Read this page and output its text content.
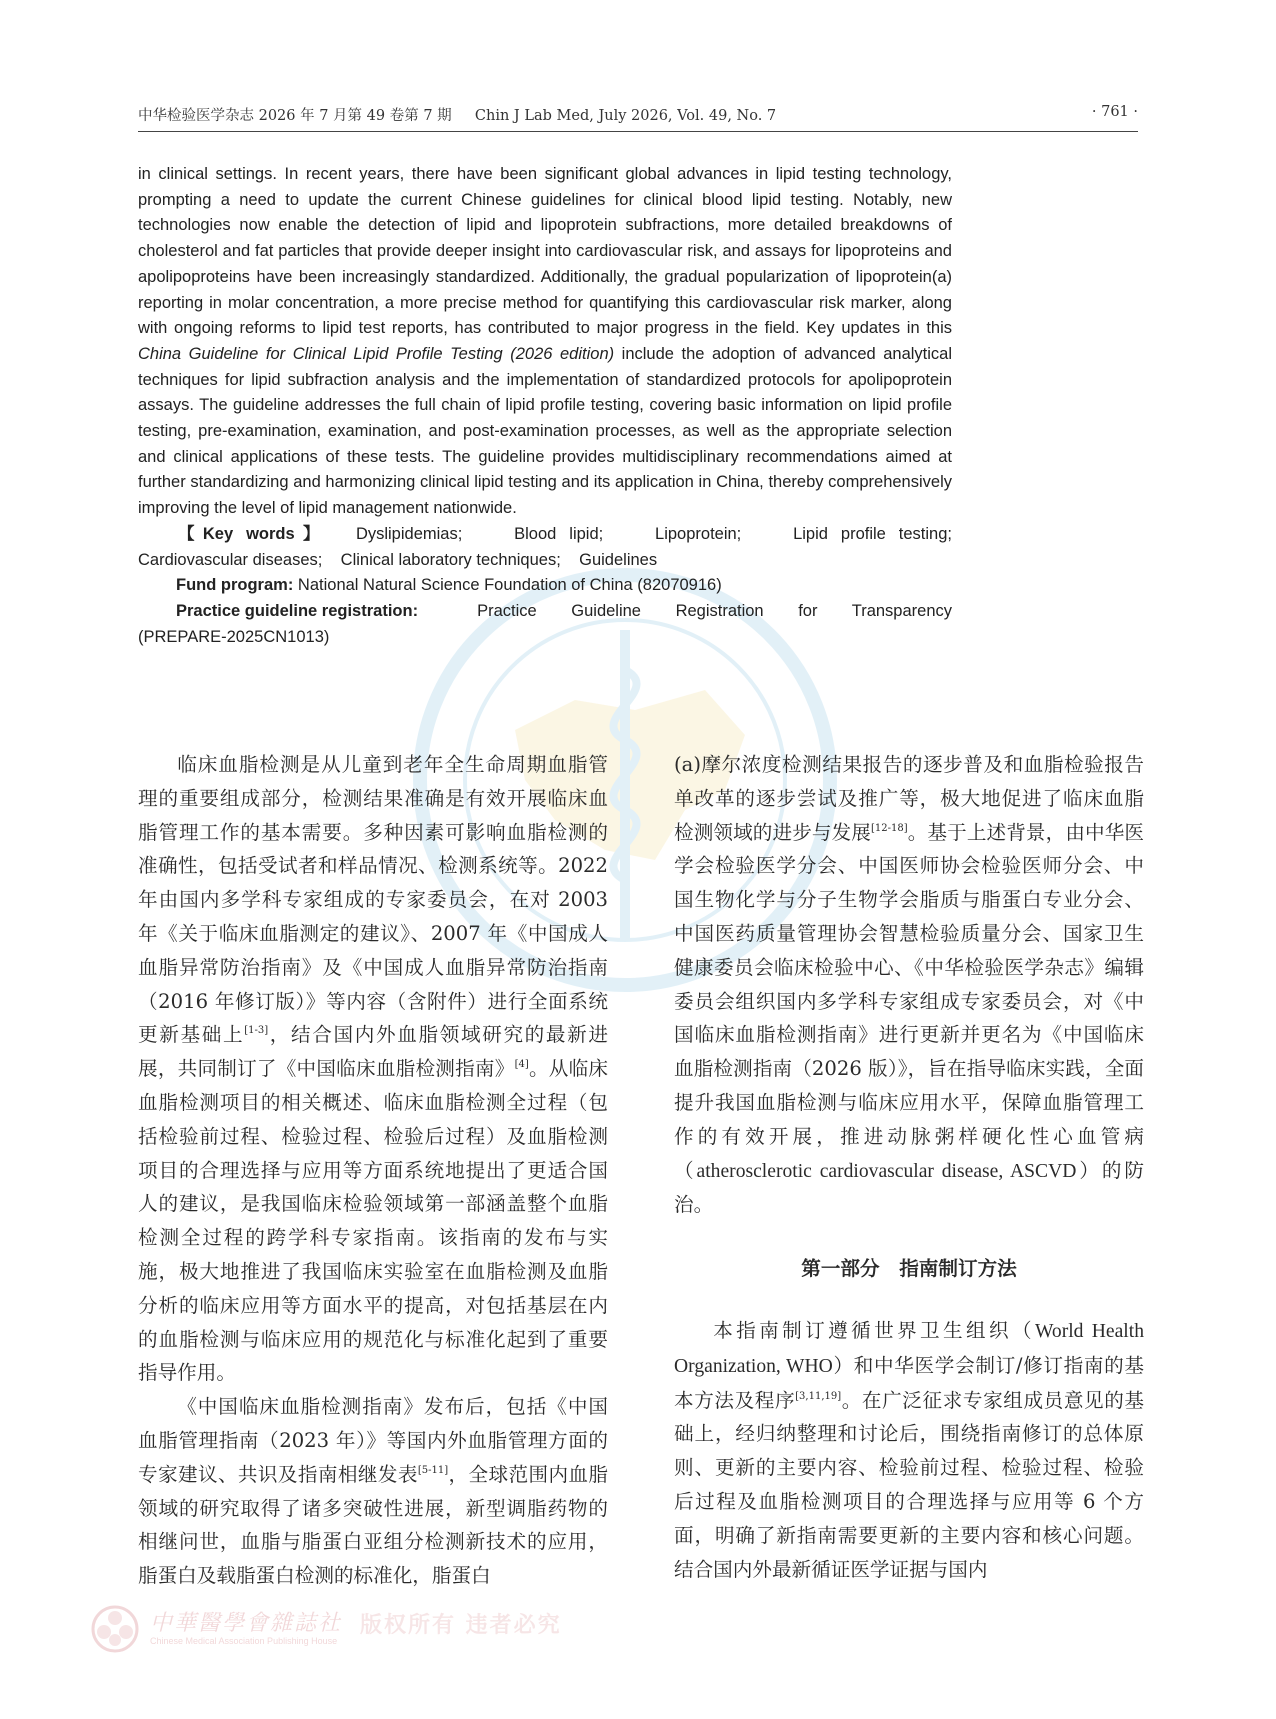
中华检验医学杂志 2026 年 7 月第 49 卷第 7 期 Chin J Lab Med, July 2026, Vol. 49, No. 7	· 761 ·

in clinical settings. In recent years, there have been significant global advances in lipid testing technology, prompting a need to update the current Chinese guidelines for clinical blood lipid testing. Notably, new technologies now enable the detection of lipid and lipoprotein subfractions, more detailed breakdowns of cholesterol and fat particles that provide deeper insight into cardiovascular risk, and assays for lipoproteins and apolipoproteins have been increasingly standardized. Additionally, the gradual popularization of lipoprotein(a) reporting in molar concentration, a more precise method for quantifying this cardiovascular risk marker, along with ongoing reforms to lipid test reports, has contributed to major progress in the field. Key updates in this China Guideline for Clinical Lipid Profile Testing (2026 edition) include the adoption of advanced analytical techniques for lipid subfraction analysis and the implementation of standardized protocols for apolipoprotein assays. The guideline addresses the full chain of lipid profile testing, covering basic information on lipid profile testing, pre-examination, examination, and post-examination processes, as well as the appropriate selection and clinical applications of these tests. The guideline provides multidisciplinary recommendations aimed at further standardizing and harmonizing clinical lipid testing and its application in China, thereby comprehensively improving the level of lipid management nationwide.

【Key words】 Dyslipidemias;    Blood lipid;    Lipoprotein;    Lipid profile testing;

Cardiovascular diseases;    Clinical laboratory techniques;    Guidelines

Fund program: National Natural Science Foundation of China (82070916)

Practice guideline registration:	Practice Guideline Registration for Transparency

(PREPARE-2025CN1013)

临床血脂检测是从儿童到老年全生命周期血脂管理的重要组成部分，检测结果准确是有效开展临床血脂管理工作的基本需要。多种因素可影响血脂检测的准确性，包括受试者和样品情况、检测系统等。2022 年由国内多学科专家组成的专家委员会，在对 2003 年《关于临床血脂测定的建议》、2007 年《中国成人血脂异常防治指南》及《中国成人血脂异常防治指南（2016 年修订版）》等内容（含附件）进行全面系统更新基础上[1-3]，结合国内外血脂领域研究的最新进展，共同制订了《中国临床血脂检测指南》[4]。从临床血脂检测项目的相关概述、临床血脂检测全过程（包括检验前过程、检验过程、检验后过程）及血脂检测项目的合理选择与应用等方面系统地提出了更适合国人的建议，是我国临床检验领域第一部涵盖整个血脂检测全过程的跨学科专家指南。该指南的发布与实施，极大地推进了我国临床实验室在血脂检测及血脂分析的临床应用等方面水平的提高，对包括基层在内的血脂检测与临床应用的规范化与标准化起到了重要指导作用。

《中国临床血脂检测指南》发布后，包括《中国血脂管理指南（2023 年）》等国内外血脂管理方面的专家建议、共识及指南相继发表[5-11]，全球范围内血脂领域的研究取得了诸多突破性进展，新型调脂药物的相继问世，血脂与脂蛋白亚组分检测新技术的应用，脂蛋白及载脂蛋白检测的标准化，脂蛋白

(a)摩尔浓度检测结果报告的逐步普及和血脂检验报告单改革的逐步尝试及推广等，极大地促进了临床血脂检测领域的进步与发展[12-18]。基于上述背景，由中华医学会检验医学分会、中国医师协会检验医师分会、中国生物化学与分子生物学会脂质与脂蛋白专业分会、中国医药质量管理协会智慧检验质量分会、国家卫生健康委员会临床检验中心、《中华检验医学杂志》编辑委员会组织国内多学科专家组成专家委员会，对《中国临床血脂检测指南》进行更新并更名为《中国临床血脂检测指南（2026 版）》，旨在指导临床实践，全面提升我国血脂检测与临床应用水平，保障血脂管理工作的有效开展，推进动脉粥样硬化性心血管病（atherosclerotic cardiovascular disease, ASCVD）的防治。

第一部分　指南制订方法

本指南制订遵循世界卫生组织（World Health Organization, WHO）和中华医学会制订/修订指南的基本方法及程序[3,11,19]。在广泛征求专家组成员意见的基础上，经归纳整理和讨论后，围绕指南修订的总体原则、更新的主要内容、检验前过程、检验过程、检验后过程及血脂检测项目的合理选择与应用等 6 个方面，明确了新指南需要更新的主要内容和核心问题。结合国内外最新循证医学证据与国内

中華醫學會雜誌社
Chinese Medical Association Publishing House
版权所有 违者必究
